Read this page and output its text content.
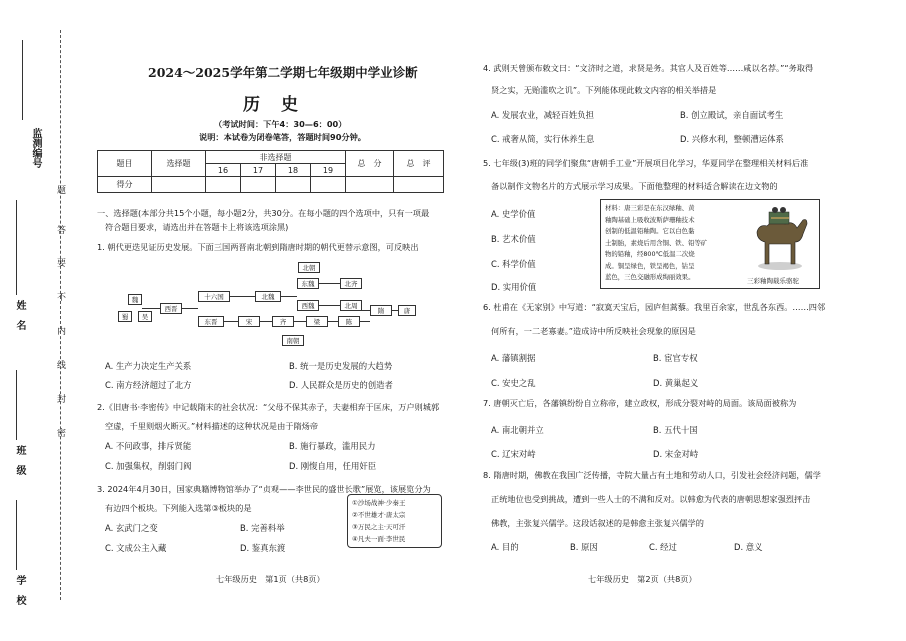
监测编号
姓　名
班　级
学　校
题
答
要
不
内
线
封
密
2024～2025学年第二学期七年级期中学业诊断
历　史
（考试时间：下午4：30—6：00）
说明：本试卷为闭卷笔答，答题时间90分钟。
题目	选择题	非选择题				总　分	总　评
		16	17	18	19		
得分							
一、选择题(本部分共15个小题，每小题2分，共30分。在每小题的四个选项中，只有一项最
符合题目要求，请选出并在答题卡上将该选项涂黑)
1. 朝代更迭见证历史发展。下面三国两晋南北朝到隋唐时期的朝代更替示意图，可反映出
魏
蜀	吴
西晋
十六国	北魏
东魏
西魏
北齐
北周
隋	唐
东晋	宋	齐	梁	陈
北朝
南朝
A. 生产力决定生产关系	B. 统一是历史发展的大趋势
C. 南方经济超过了北方	D. 人民群众是历史的创造者
2.《旧唐书·李密传》中记载隋末的社会状况：“父母不保其赤子，夫妻相弃于匡床，万户则城郭
空虚，千里则烟火断灭。”材料描述的这种状况是由于隋炀帝
A. 不问政事，排斥贤能	B. 施行暴政，滥用民力
C. 加强集权，削弱门阀	D. 刚愎自用，任用奸臣
3. 2024年4月30日，国家典籍博物馆举办了“贞观——李世民的盛世长歌”展览，该展览分为
有边四个板块。下列能入选第③板块的是	①沙场战神·少秦王
②不世雄才·唐太宗
③万民之主·天可汗
④凡夫一面·李世民
A. 玄武门之变	B. 完善科举
C. 文成公主入藏	D. 鉴真东渡
七年级历史　第1页（共8页）
4. 武则天曾颁布敕文曰：“文济时之道，求贤是务。其官人及百姓等……咸以名荐。”“务取得
贤之实，无贻滥吹之讥”。下列能体现此敕文内容的相关举措是
A. 发展农业，减轻百姓负担	B. 创立殿试，亲自面试考生
C. 戒奢从简，实行休养生息	D. 兴修水利，整顿漕运体系
5. 七年级(3)班的同学们聚焦“唐朝手工业”开展项目化学习，华夏同学在整理相关材料后准
备以制作文物名片的方式展示学习成果。下面他整理的材料适合解读在边文物的
材料：唐三彩是在东汉绿釉、黄
釉陶基础上吸收波斯萨珊釉技术
创制的低温铅釉陶。它以白色黏
土制胎，素烧后用含铜、铁、铅等矿
物的铅釉，经800℃低温二次烧
成。铜呈绿色，铁呈褐色，钴呈
蓝色，三色交融形成绚丽效果。	三彩釉陶载乐骆驼
A. 史学价值
B. 艺术价值
C. 科学价值
D. 实用价值
6. 杜甫在《无家别》中写道：“寂寞天宝后，园庐但蒿藜。我里百余家，世乱各东西。……四邻
何所有，一二老寡妻。”造成诗中所反映社会现象的原因是
A. 藩镇割据	B. 宦官专权
C. 安史之乱	D. 黄巢起义
7. 唐朝灭亡后，各藩镇纷纷自立称帝，建立政权，形成分裂对峙的局面。该局面被称为
A. 南北朝并立	B. 五代十国
C. 辽宋对峙	D. 宋金对峙
8. 隋唐时期，佛教在我国广泛传播，寺院大量占有土地和劳动人口，引发社会经济问题，儒学
正统地位也受到挑战，遭到一些人士的不满和反对。以韩愈为代表的唐朝思想家强烈抨击
佛教，主张复兴儒学。这段话叙述的是韩愈主张复兴儒学的
A. 目的	B. 原因	C. 经过	D. 意义
七年级历史　第2页（共8页）
